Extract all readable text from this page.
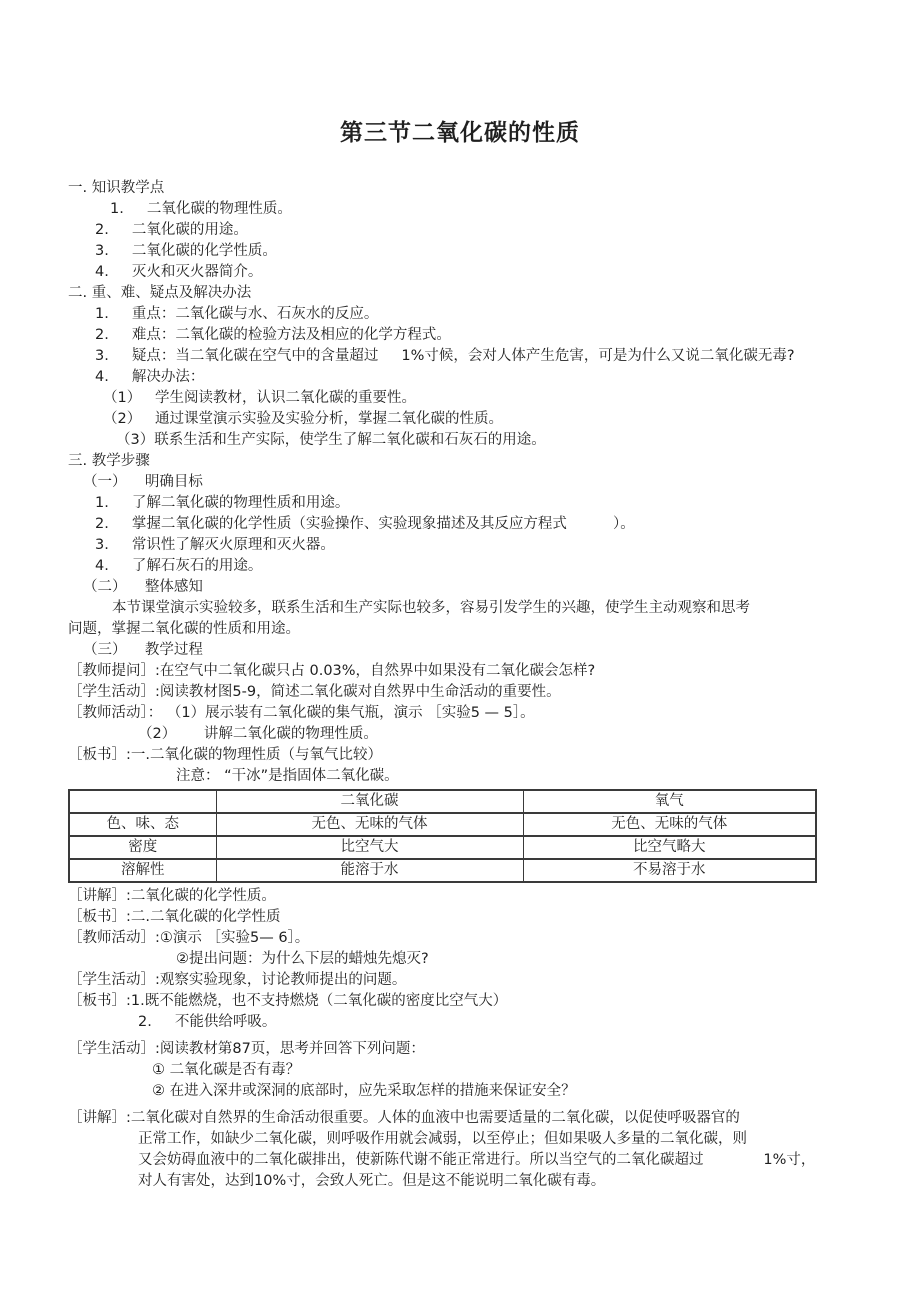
第三节二氧化碳的性质
一. 知识教学点
1.     二氧化碳的物理性质。
2.     二氧化碳的用途。
3.     二氧化碳的化学性质。
4.     灭火和灭火器简介。
二. 重、难、疑点及解决办法
1.     重点：二氧化碳与水、石灰水的反应。
2.     难点：二氧化碳的检验方法及相应的化学方程式。
3.     疑点：当二氧化碳在空气中的含量超过     1%寸候，会对人体产生危害，可是为什么又说二氧化碳无毒?
4.     解决办法：
（1）   学生阅读教材，认识二氧化碳的重要性。
（2）   通过课堂演示实验及实验分析，掌握二氧化碳的性质。
（3）联系生活和生产实际，使学生了解二氧化碳和石灰石的用途。
三. 教学步骤
（一）    明确目标
1.     了解二氧化碳的物理性质和用途。
2.     掌握二氧化碳的化学性质（实验操作、实验现象描述及其反应方程式          ）。
3.     常识性了解灭火原理和灭火器。
4.     了解石灰石的用途。
（二）    整体感知
本节课堂演示实验较多，联系生活和生产实际也较多，容易引发学生的兴趣，使学生主动观察和思考
问题，掌握二氧化碳的性质和用途。
（三）    教学过程
［教师提问］:在空气中二氧化碳只占 0.03%，自然界中如果没有二氧化碳会怎样?
［学生活动］:阅读教材图5-9，简述二氧化碳对自然界中生命活动的重要性。
［教师活动］： （1）展示装有二氧化碳的集气瓶，演示 ［实验5 — 5］。
（2）      讲解二氧化碳的物理性质。
［板书］:一.二氧化碳的物理性质（与氧气比较）
注意： “干冰”是指固体二氧化碳。
	二氧化碳	氧气
色、味、态	无色、无味的气体	无色、无味的气体
密度	比空气大	比空气略大
溶解性	能溶于水	不易溶于水
［讲解］:二氧化碳的化学性质。
［板书］:二.二氧化碳的化学性质
［教师活动］:①演示 ［实验5— 6］。
②提出问题：为什么下层的蜡烛先熄灭?
［学生活动］:观察实验现象，讨论教师提出的问题。
［板书］:1.既不能燃烧，也不支持燃烧（二氧化碳的密度比空气大）
2.     不能供给呼吸。
［学生活动］:阅读教材第87页，思考并回答下列问题：
① 二氧化碳是否有毒？
② 在进入深井或深洞的底部时，应先采取怎样的措施来保证安全？
［讲解］:二氧化碳对自然界的生命活动很重要。人体的血液中也需要适量的二氧化碳，以促使呼吸器官的
正常工作，如缺少二氧化碳，则呼吸作用就会减弱，以至停止；但如果吸人多量的二氧化碳，则
又会妨碍血液中的二氧化碳排出，使新陈代谢不能正常进行。所以当空气的二氧化碳超过             1%寸，
对人有害处，达到10%寸，会致人死亡。但是这不能说明二氧化碳有毒。
